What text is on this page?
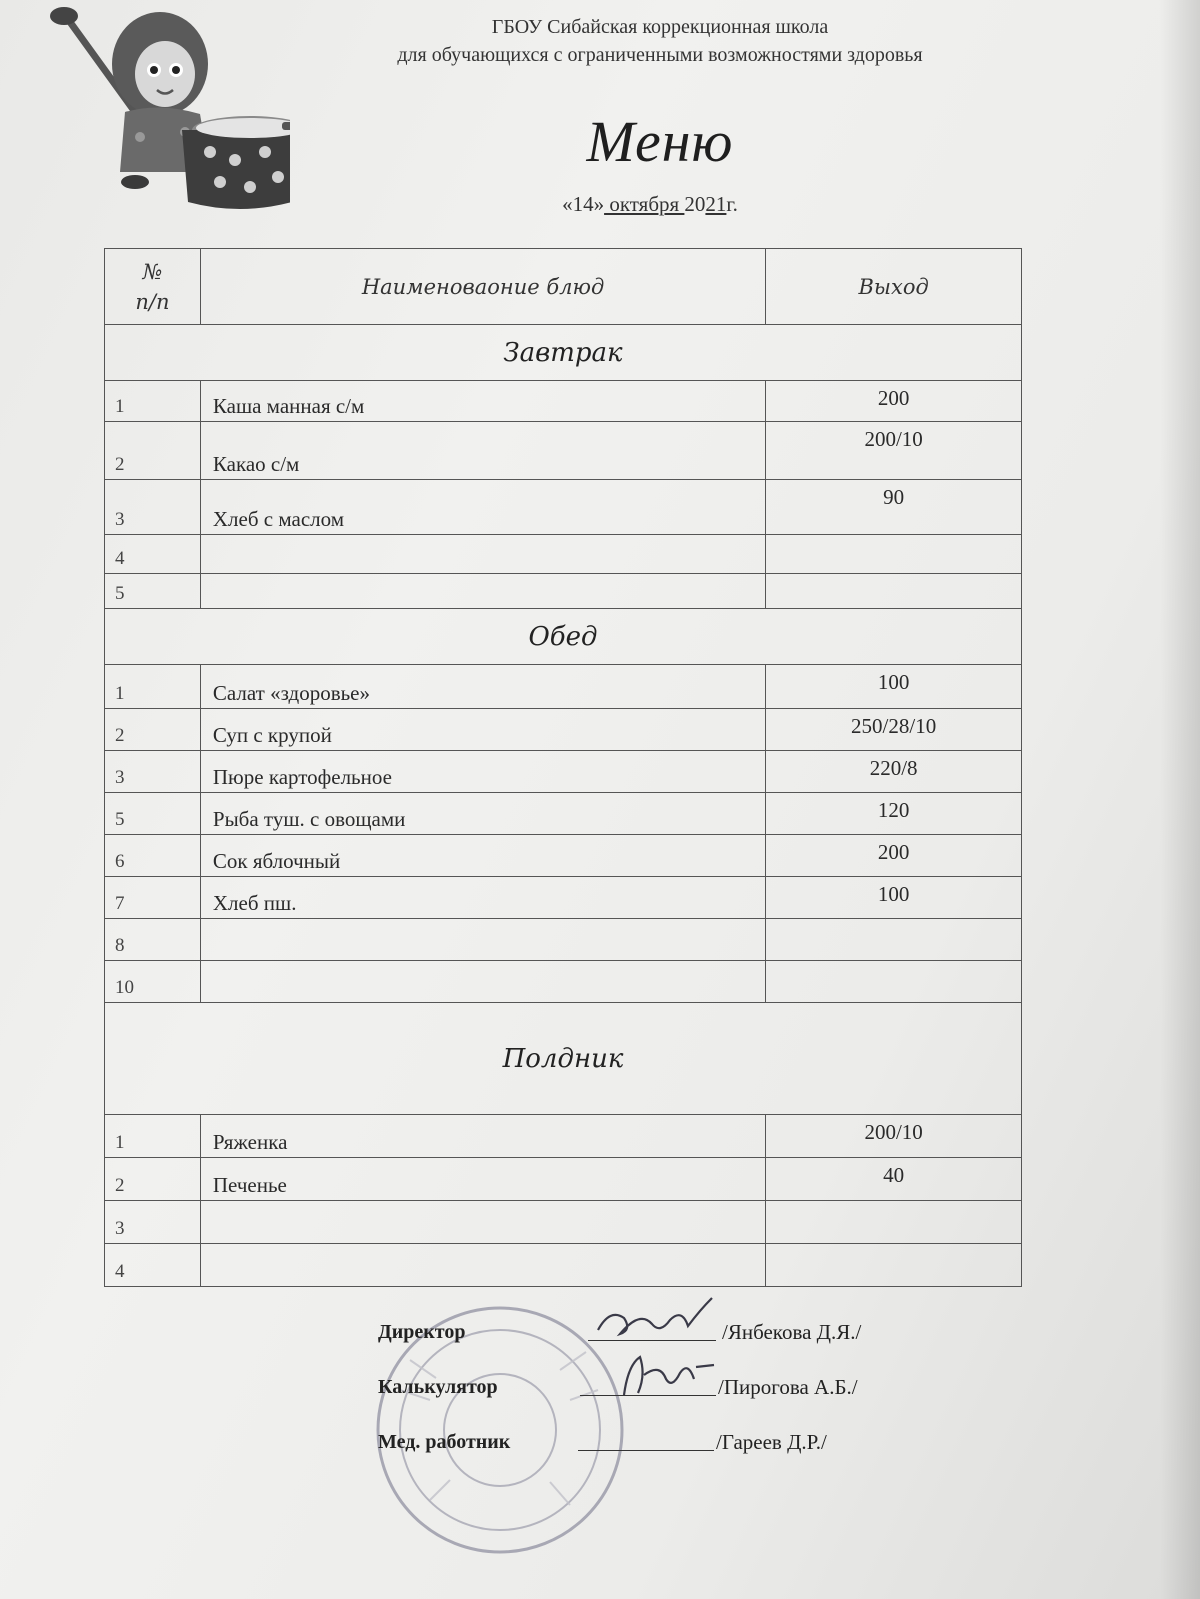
ГБОУ Сибайская коррекционная школа
для обучающихся с ограниченными возможностями здоровья
Меню
«14» октября 2021г.
№
п/п	Наименоваоние блюд	Выход
Завтрак		
1	Каша манная с/м	200
2	Какао с/м	200/10
3	Хлеб с маслом	90
4		
5		
Обед		
1	Салат «здоровье»	100
2	Суп с крупой	250/28/10
3	Пюре картофельное	220/8
5	Рыба туш. с овощами	120
6	Сок яблочный	200
7	Хлеб пш.	100
8		
10		
Полдник		
1	Ряженка	200/10
2	Печенье	40
3		
4		
Директор	/Янбекова Д.Я./
Калькулятор	/Пирогова А.Б./
Мед. работник	/Гареев Д.Р./
